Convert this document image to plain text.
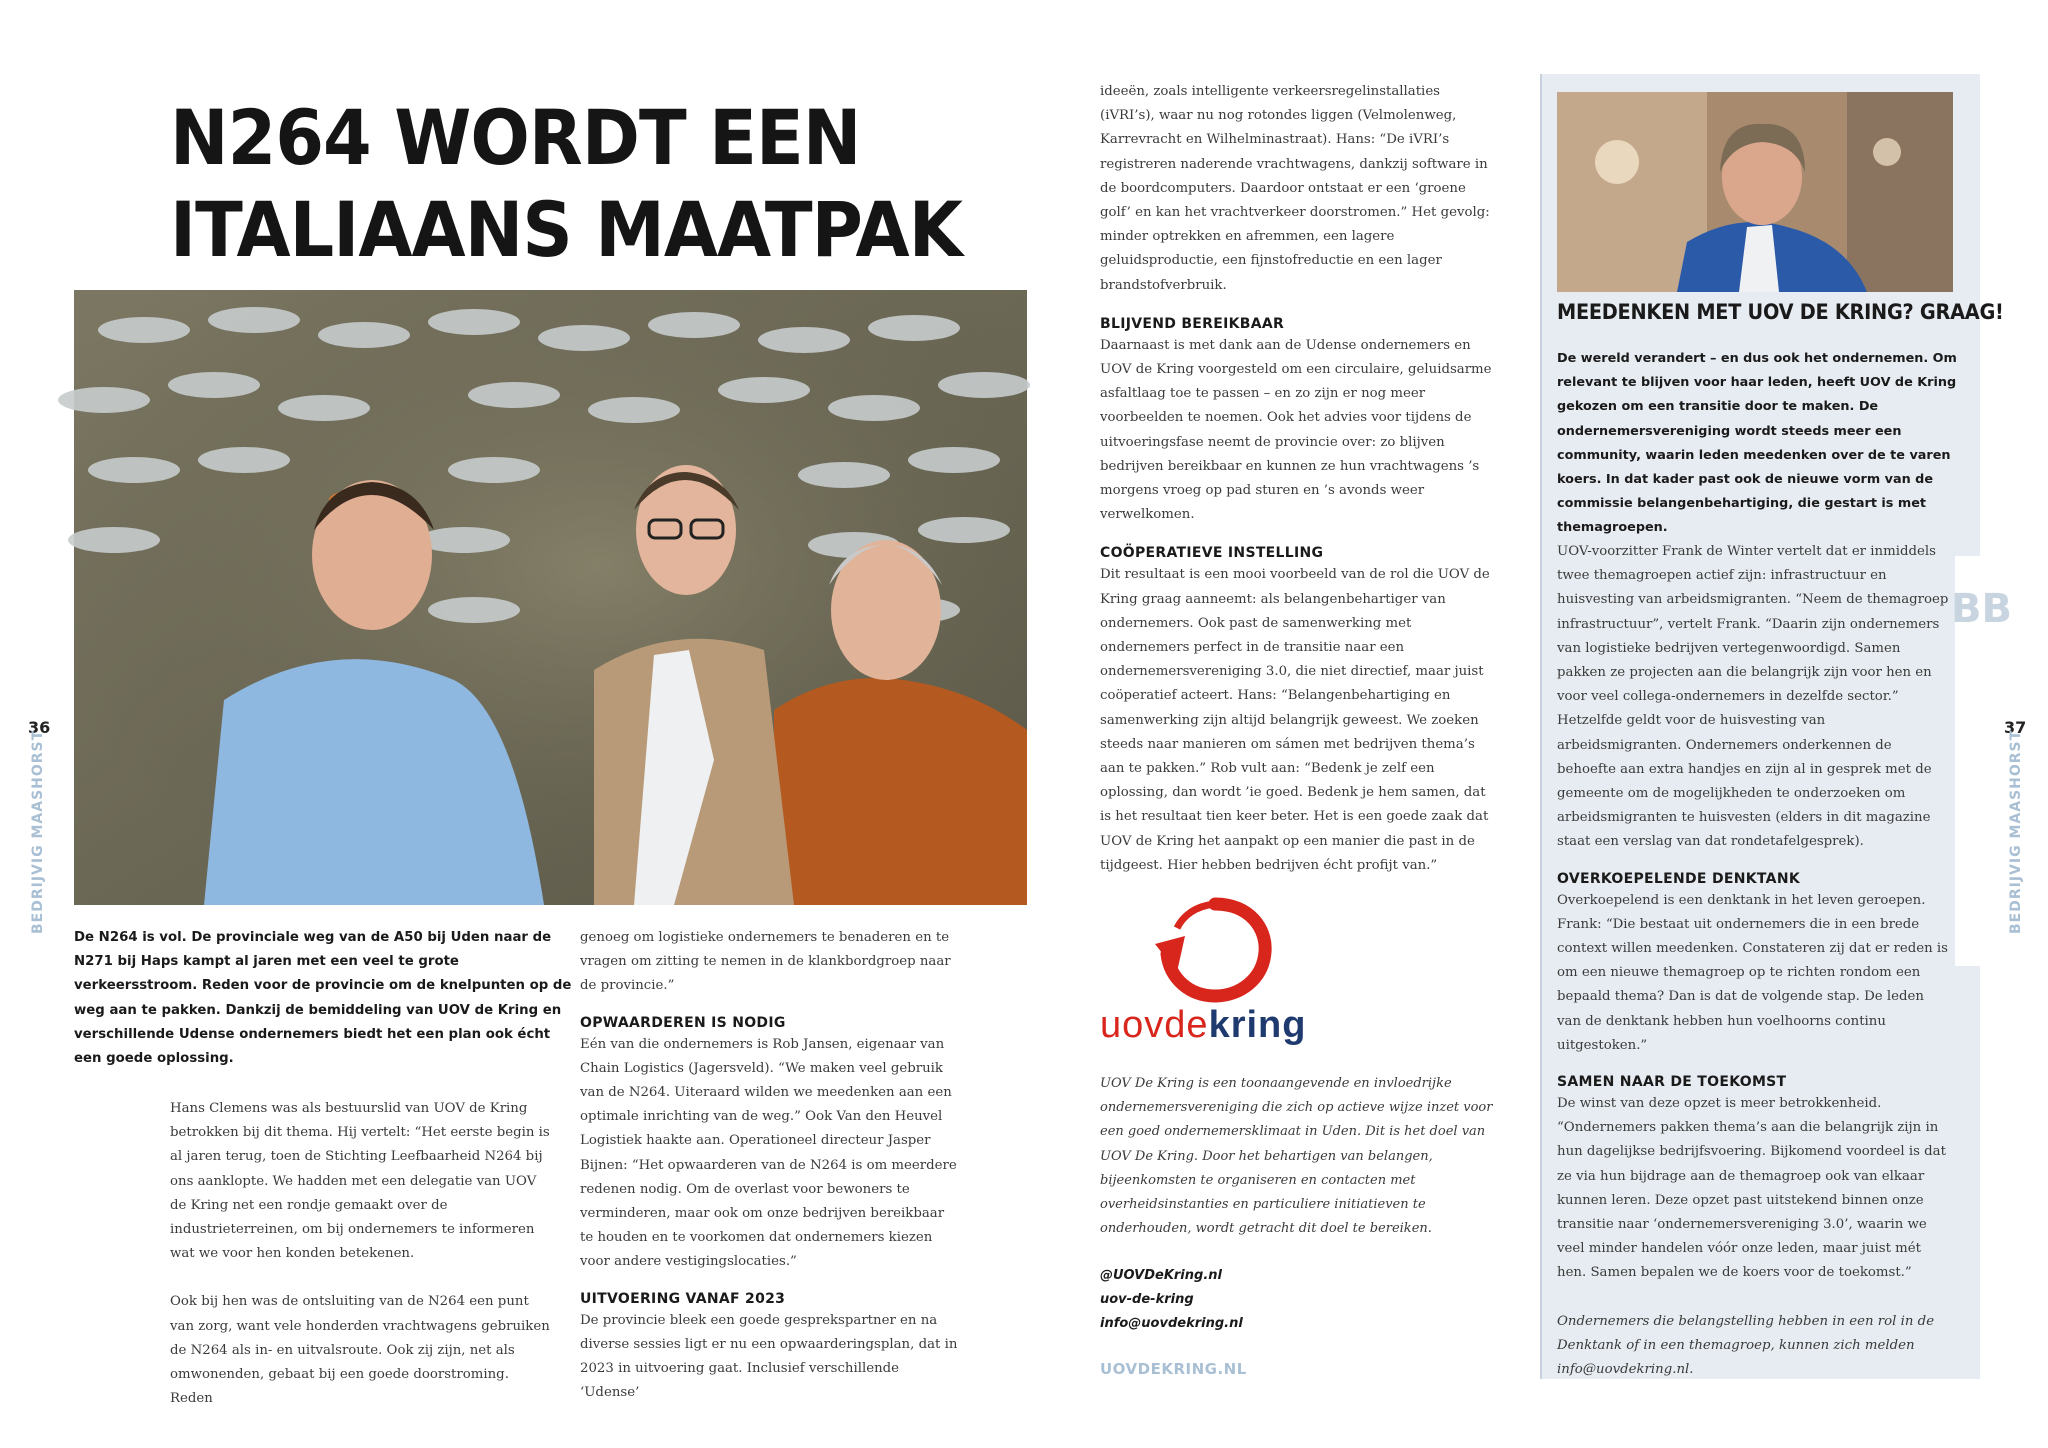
N264 WORDT EEN
ITALIAANS MAATPAK
De N264 is vol. De provinciale weg van de A50 bij Uden naar de N271 bij Haps kampt al jaren met een veel te grote verkeersstroom. Reden voor de provincie om de knelpunten op de weg aan te pakken. Dankzij de bemiddeling van UOV de Kring en verschillende Udense ondernemers biedt het een plan ook écht een goede oplossing.

Hans Clemens was als bestuurslid van UOV de Kring betrokken bij dit thema. Hij vertelt: “Het eerste begin is al jaren terug, toen de Stichting Leefbaarheid N264 bij ons aanklopte. We hadden met een delegatie van UOV de Kring net een rondje gemaakt over de industrieterreinen, om bij ondernemers te informeren wat we voor hen konden betekenen.

Ook bij hen was de ontsluiting van de N264 een punt van zorg, want vele honderden vrachtwagens gebruiken de N264 als in- en uitvalsroute. Ook zij zijn, net als omwonenden, gebaat bij een goede doorstroming. Reden

genoeg om logistieke ondernemers te benaderen en te vragen om zitting te nemen in de klankbordgroep naar de provincie.”

OPWAARDEREN IS NODIG

Eén van die ondernemers is Rob Jansen, eigenaar van Chain Logistics (Jagersveld). “We maken veel gebruik van de N264. Uiteraard wilden we meedenken aan een optimale inrichting van de weg.” Ook Van den Heuvel Logistiek haakte aan. Operationeel directeur Jasper Bijnen: “Het opwaarderen van de N264 is om meerdere redenen nodig. Om de overlast voor bewoners te verminderen, maar ook om onze bedrijven bereikbaar te houden en te voorkomen dat ondernemers kiezen voor andere vestigingslocaties.”

UITVOERING VANAF 2023

De provincie bleek een goede gesprekspartner en na diverse sessies ligt er nu een opwaarderingsplan, dat in 2023 in uitvoering gaat. Inclusief verschillende ‘Udense’

36
BEDRIJVIG MAASHORST

ideeën, zoals intelligente verkeersregelinstallaties (iVRI’s), waar nu nog rotondes liggen (Velmolenweg, Karrevracht en Wilhelminastraat). Hans: “De iVRI’s registreren naderende vrachtwagens, dankzij software in de boordcomputers. Daardoor ontstaat er een ‘groene golf’ en kan het vrachtverkeer doorstromen.” Het gevolg: minder optrekken en afremmen, een lagere geluidsproductie, een fijnstofreductie en een lager brandstofverbruik.

BLIJVEND BEREIKBAAR

Daarnaast is met dank aan de Udense ondernemers en UOV de Kring voorgesteld om een circulaire, geluidsarme asfaltlaag toe te passen – en zo zijn er nog meer voorbeelden te noemen. Ook het advies voor tijdens de uitvoeringsfase neemt de provincie over: zo blijven bedrijven bereikbaar en kunnen ze hun vrachtwagens ’s morgens vroeg op pad sturen en ’s avonds weer verwelkomen.

COÖPERATIEVE INSTELLING

Dit resultaat is een mooi voorbeeld van de rol die UOV de Kring graag aanneemt: als belangenbehartiger van ondernemers. Ook past de samenwerking met ondernemers perfect in de transitie naar een ondernemersvereniging 3.0, die niet directief, maar juist coöperatief acteert. Hans: “Belangenbehartiging en samenwerking zijn altijd belangrijk geweest. We zoeken steeds naar manieren om sámen met bedrijven thema’s aan te pakken.” Rob vult aan: “Bedenk je zelf een oplossing, dan wordt ’ie goed. Bedenk je hem samen, dat is het resultaat tien keer beter. Het is een goede zaak dat UOV de Kring het aanpakt op een manier die past in de tijdgeest. Hier hebben bedrijven écht profijt van.”

uovdekring
UOV De Kring is een toonaangevende en invloedrijke ondernemersvereniging die zich op actieve wijze inzet voor een goed ondernemersklimaat in Uden. Dit is het doel van UOV De Kring. Door het behartigen van belangen, bijeenkomsten te organiseren en contacten met overheidsinstanties en particuliere initiatieven te onderhouden, wordt getracht dit doel te bereiken.
@UOVDeKring.nl
uov-de-kring
info@uovdekring.nl
UOVDEKRING.NL
MEEDENKEN MET UOV DE KRING? GRAAG!
De wereld verandert – en dus ook het ondernemen. Om relevant te blijven voor haar leden, heeft UOV de Kring gekozen om een transitie door te maken. De ondernemersvereniging wordt steeds meer een community, waarin leden meedenken over de te varen koers. In dat kader past ook de nieuwe vorm van de commissie belangenbehartiging, die gestart is met themagroepen.

UOV-voorzitter Frank de Winter vertelt dat er inmiddels twee themagroepen actief zijn: infrastructuur en huisvesting van arbeidsmigranten. “Neem de themagroep infrastructuur”, vertelt Frank. “Daarin zijn ondernemers van logistieke bedrijven vertegenwoordigd. Samen pakken ze projecten aan die belangrijk zijn voor hen en voor veel collega-ondernemers in dezelfde sector.” Hetzelfde geldt voor de huisvesting van arbeidsmigranten. Ondernemers onderkennen de behoefte aan extra handjes en zijn al in gesprek met de gemeente om de mogelijkheden te onderzoeken om arbeidsmigranten te huisvesten (elders in dit magazine staat een verslag van dat rondetafelgesprek).

OVERKOEPELENDE DENKTANK

Overkoepelend is een denktank in het leven geroepen. Frank: “Die bestaat uit ondernemers die in een brede context willen meedenken. Constateren zij dat er reden is om een nieuwe themagroep op te richten rondom een bepaald thema? Dan is dat de volgende stap. De leden van de denktank hebben hun voelhoorns continu uitgestoken.”

SAMEN NAAR DE TOEKOMST

De winst van deze opzet is meer betrokkenheid. “Ondernemers pakken thema’s aan die belangrijk zijn in hun dagelijkse bedrijfsvoering. Bijkomend voordeel is dat ze via hun bijdrage aan de themagroep ook van elkaar kunnen leren. Deze opzet past uitstekend binnen onze transitie naar ‘ondernemersvereniging 3.0’, waarin we veel minder handelen vóór onze leden, maar juist mét hen. Samen bepalen we de koers voor de toekomst.”

Ondernemers die belangstelling hebben in een rol in de Denktank of in een themagroep, kunnen zich melden info@uovdekring.nl.

BB
37
BEDRIJVIG MAASHORST
